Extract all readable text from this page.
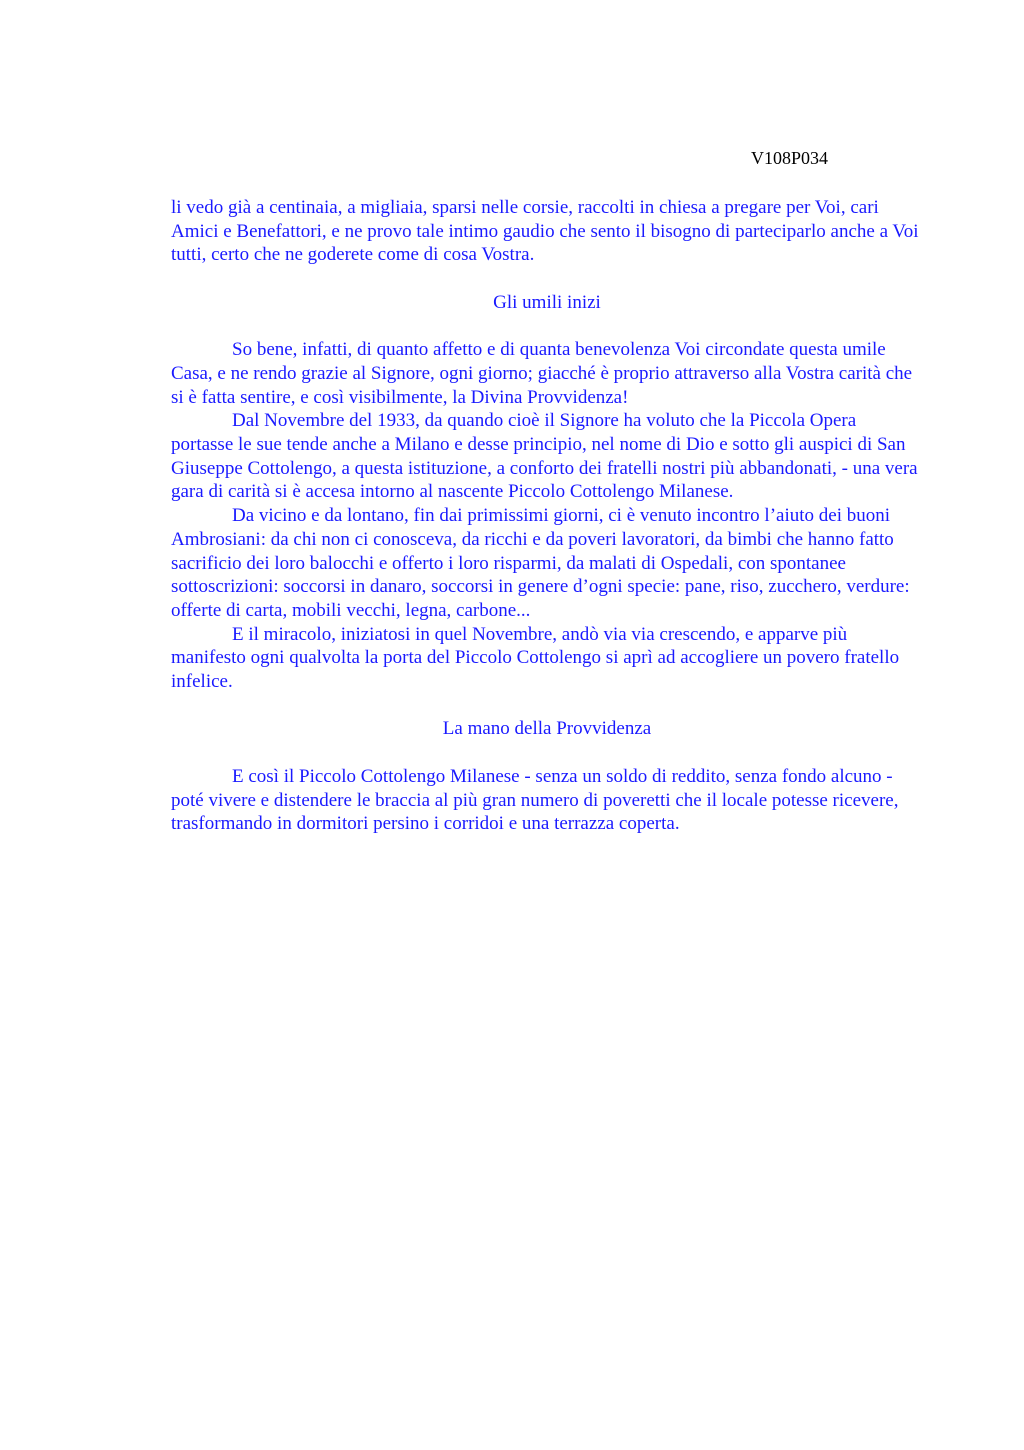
V108P034

li vedo già a centinaia, a migliaia, sparsi nelle corsie, raccolti in chiesa a pregare per Voi, cari Amici e Benefattori, e ne provo tale intimo gaudio che sento il bisogno di parteciparlo anche a Voi tutti, certo che ne goderete come di cosa Vostra.

Gli umili inizi

So bene, infatti, di quanto affetto e di quanta benevolenza Voi circondate questa umile Casa, e ne rendo grazie al Signore, ogni giorno; giacché è proprio attraverso alla Vostra carità che si è fatta sentire, e così visibilmente, la Divina Provvidenza!

Dal Novembre del 1933, da quando cioè il Signore ha voluto che la Piccola Opera portasse le sue tende anche a Milano e desse principio, nel nome di Dio e sotto gli auspici di San Giuseppe Cottolengo, a questa istituzione, a conforto dei fratelli nostri più abbandonati, - una vera gara di carità si è accesa intorno al nascente Piccolo Cottolengo Milanese.

Da vicino e da lontano, fin dai primissimi giorni, ci è venuto incontro l’aiuto dei buoni Ambrosiani: da chi non ci conosceva, da ricchi e da poveri lavoratori, da bimbi che hanno fatto sacrificio dei loro balocchi e offerto i loro risparmi, da malati di Ospedali, con spontanee sottoscrizioni: soccorsi in danaro, soccorsi in genere d’ogni specie: pane, riso, zucchero, verdure: offerte di carta, mobili vecchi, legna, carbone...

E il miracolo, iniziatosi in quel Novembre, andò via via crescendo, e apparve più manifesto ogni qualvolta la porta del Piccolo Cottolengo si aprì ad accogliere un povero fratello infelice.

La mano della Provvidenza

E così il Piccolo Cottolengo Milanese - senza un soldo di reddito, senza fondo alcuno - poté vivere e distendere le braccia al più gran numero di poveretti che il locale potesse ricevere, trasformando in dormitori persino i corridoi e una terrazza coperta.
